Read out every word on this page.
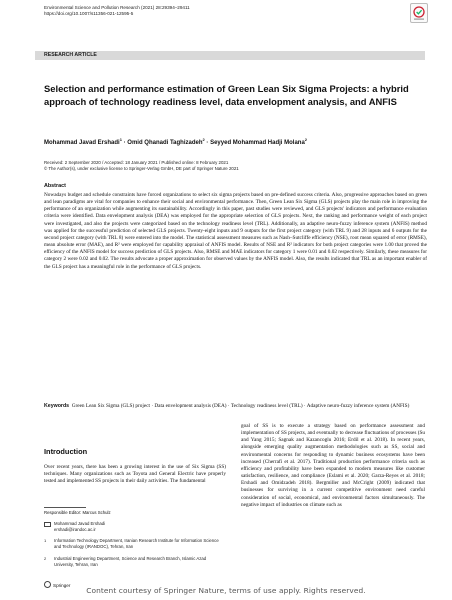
Environmental Science and Pollution Research (2021) 28:29394–29411
https://doi.org/10.1007/s11356-021-12595-5
RESEARCH ARTICLE
Selection and performance estimation of Green Lean Six Sigma Projects: a hybrid approach of technology readiness level, data envelopment analysis, and ANFIS
Mohammad Javad Ershadi$^1$ · Omid Qhanadi Taghizadeh$^2$ · Seyyed Mohammad Hadji Molana$^2$
Received: 2 September 2020 / Accepted: 18 January 2021 / Published online: 8 February 2021
© The Author(s), under exclusive license to Springer-Verlag GmbH, DE part of Springer Nature 2021
Abstract

Nowadays budget and schedule constraints have forced organizations to select six sigma projects based on pre-defined success criteria. Also, progressive approaches based on green and lean paradigms are vital for companies to enhance their social and environmental performance. Then, Green Lean Six Sigma (GLS) projects play the main role in improving the performance of an organization while augmenting its sustainability. Accordingly in this paper, past studies were reviewed, and GLS projects' indicators and performance evaluation criteria were identified. Data envelopment analysis (DEA) was employed for the appropriate selection of GLS projects. Next, the ranking and performance weight of each project were investigated, and also the projects were categorized based on the technology readiness level (TRL). Additionally, an adaptive neuro-fuzzy inference system (ANFIS) method was applied for the successful prediction of selected GLS projects. Twenty-eight inputs and 9 outputs for the first project category (with TRL 9) and 28 inputs and 6 outputs for the second project category (with TRL 8) were entered into the model. The statistical assessment measures such as Nash–Sutcliffe efficiency (NSE), root mean squared of error (RMSE), mean absolute error (MAE), and R² were employed for capability appraisal of ANFIS model. Results of NSE and R² indicators for both project categories were 1.00 that proved the efficiency of the ANFIS model for success prediction of GLS projects. Also, RMSE and MAE indicators for category 1 were 0.01 and 0.02 respectively. Similarly, these measures for category 2 were 0.02 and 0.02. The results advocate a proper approximation for observed values by the ANFIS model. Also, the results indicated that TRL as an important enabler of the GLS project has a meaningful role in the performance of GLS projects.

Keywords Green Lean Six Sigma (GLS) project · Data envelopment analysis (DEA) · Technology readiness level (TRL) · Adaptive neuro-fuzzy inference system (ANFIS)

Introduction

Over recent years, there has been a growing interest in the use of Six Sigma (SS) techniques. Many organizations such as Toyota and General Electric have properly tested and implemented SS projects in their daily activities. The fundamental

goal of SS is to execute a strategy based on performance assessment and implementation of SS projects, and eventually to decrease fluctuations of processes (Su and Yang 2015; Sagnak and Kazancoglu 2016; Erdil et al. 2018). In recent years, alongside emerging quality augmentation methodologies such as SS, social and environmental concerns for responding to dynamic business ecosystems have been increased (Cherrafi et al. 2017). Traditional production performance criteria such as efficiency and profitability have been expanded to modern measures like customer satisfaction, resilience, and compliance (Eslami et al. 2020; Garza-Reyes et al. 2018; Ershadi and Omidzadeh 2018). Bergmiller and McCright (2009) indicated that businesses for surviving in a current competitive environment need careful consideration of social, economical, and environmental factors simultaneously. The negative impact of industries on climate such as

Responsible Editor: Marcus Schulz
Mohammad Javad Ershadi
ershadi@irandoc.ac.ir
1	Information Technology Department, Iranian Research Institute for Information Science and Technology (IRANDOC), Tehran, Iran
2	Industrial Engineering Department, Science and Research Branch, Islamic Azad University, Tehran, Iran
Springer
Content courtesy of Springer Nature, terms of use apply. Rights reserved.
